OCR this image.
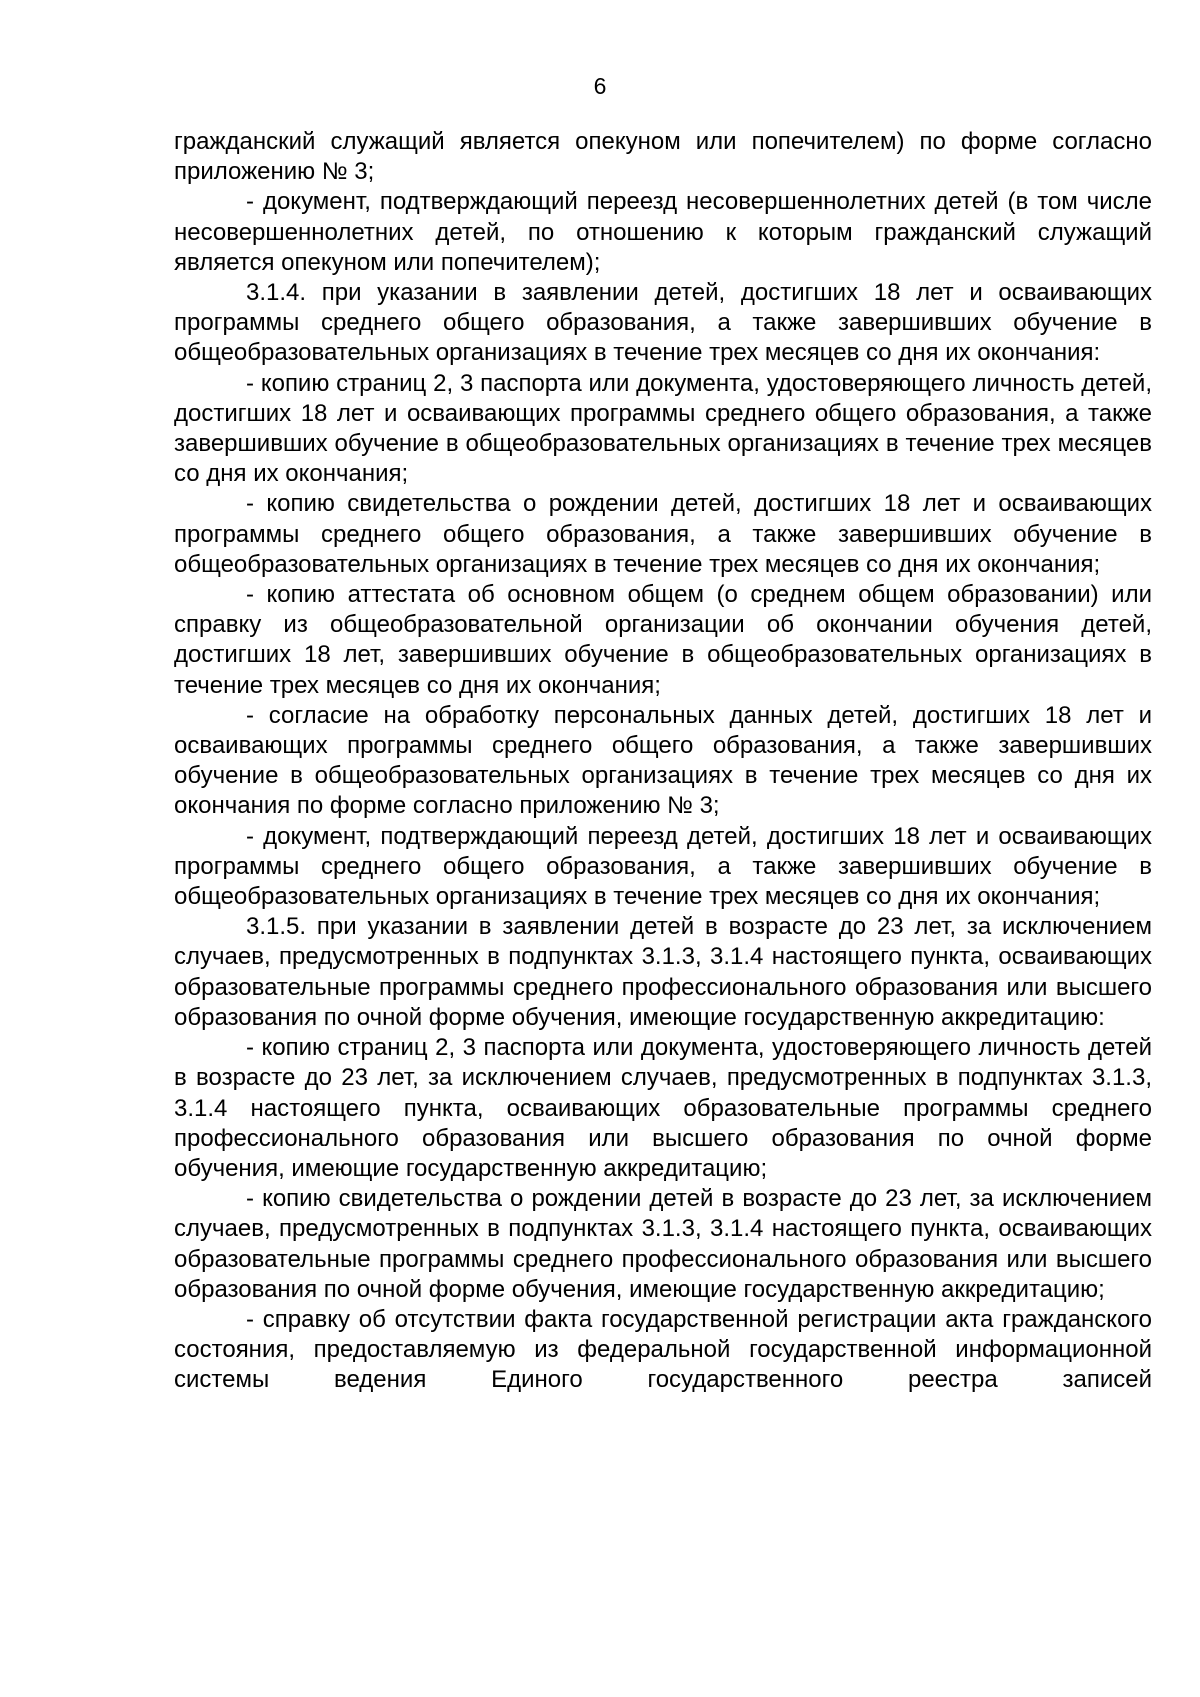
6

гражданский служащий является опекуном или попечителем) по форме согласно приложению № 3;

- документ, подтверждающий переезд несовершеннолетних детей (в том числе несовершеннолетних детей, по отношению к которым гражданский служащий является опекуном или попечителем);

3.1.4. при указании в заявлении детей, достигших 18 лет и осваивающих программы среднего общего образования, а также завершивших обучение в общеобразовательных организациях в течение трех месяцев со дня их окончания:

- копию страниц 2, 3 паспорта или документа, удостоверяющего личность детей, достигших 18 лет и осваивающих программы среднего общего образования, а также завершивших обучение в общеобразовательных организациях в течение трех месяцев со дня их окончания;

- копию свидетельства о рождении детей, достигших 18 лет и осваивающих программы среднего общего образования, а также завершивших обучение в общеобразовательных организациях в течение трех месяцев со дня их окончания;

- копию аттестата об основном общем (о среднем общем образовании) или справку из общеобразовательной организации об окончании обучения детей, достигших 18 лет, завершивших обучение в общеобразовательных организациях в течение трех месяцев со дня их окончания;

- согласие на обработку персональных данных детей, достигших 18 лет и осваивающих программы среднего общего образования, а также завершивших обучение в общеобразовательных организациях в течение трех месяцев со дня их окончания по форме согласно приложению № 3;

- документ, подтверждающий переезд детей, достигших 18 лет и осваивающих программы среднего общего образования, а также завершивших обучение в общеобразовательных организациях в течение трех месяцев со дня их окончания;

3.1.5. при указании в заявлении детей в возрасте до 23 лет, за исключением случаев, предусмотренных в подпунктах 3.1.3, 3.1.4 настоящего пункта, осваивающих образовательные программы среднего профессионального образования или высшего образования по очной форме обучения, имеющие государственную аккредитацию:

- копию страниц 2, 3 паспорта или документа, удостоверяющего личность детей в возрасте до 23 лет, за исключением случаев, предусмотренных в подпунктах 3.1.3, 3.1.4 настоящего пункта, осваивающих образовательные программы среднего профессионального образования или высшего образования по очной форме обучения, имеющие государственную аккредитацию;

- копию свидетельства о рождении детей в возрасте до 23 лет, за исключением случаев, предусмотренных в подпунктах 3.1.3, 3.1.4 настоящего пункта, осваивающих образовательные программы среднего профессионального образования или высшего образования по очной форме обучения, имеющие государственную аккредитацию;

- справку об отсутствии факта государственной регистрации акта гражданского состояния, предоставляемую из федеральной государственной информационной системы ведения Единого государственного реестра записей
